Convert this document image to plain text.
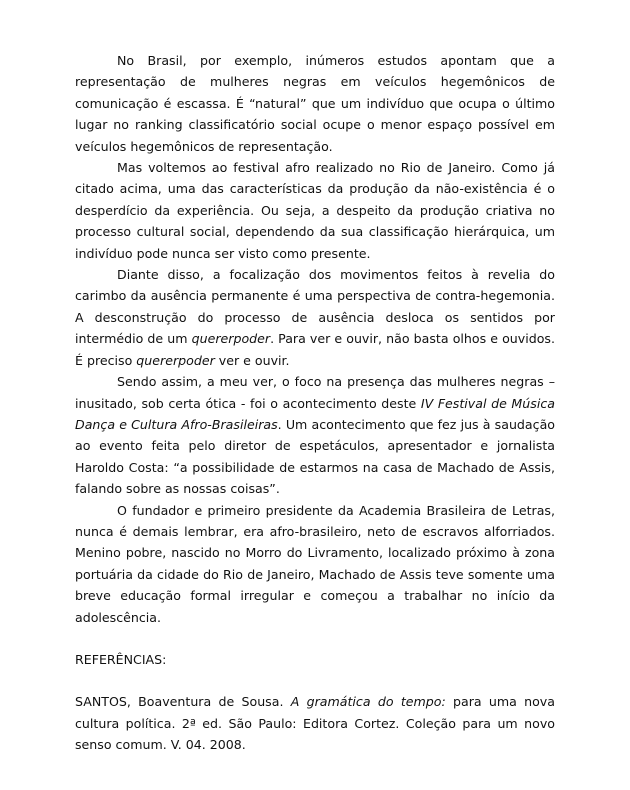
No Brasil, por exemplo, inúmeros estudos apontam que a representação de mulheres negras em veículos hegemônicos de comunicação é escassa. É “natural” que um indivíduo que ocupa o último lugar no ranking classificatório social ocupe o menor espaço possível em veículos hegemônicos de representação.

Mas voltemos ao festival afro realizado no Rio de Janeiro. Como já citado acima, uma das características da produção da não-existência é o desperdício da experiência. Ou seja, a despeito da produção criativa no processo cultural social, dependendo da sua classificação hierárquica, um indivíduo pode nunca ser visto como presente.

Diante disso, a focalização dos movimentos feitos à revelia do carimbo da ausência permanente é uma perspectiva de contra-hegemonia. A desconstrução do processo de ausência desloca os sentidos por intermédio de um quererpoder. Para ver e ouvir, não basta olhos e ouvidos. É preciso quererpoder ver e ouvir.

Sendo assim, a meu ver, o foco na presença das mulheres negras – inusitado, sob certa ótica - foi o acontecimento deste IV Festival de Música Dança e Cultura Afro-Brasileiras. Um acontecimento que fez jus à saudação ao evento feita pelo diretor de espetáculos, apresentador e jornalista Haroldo Costa: “a possibilidade de estarmos na casa de Machado de Assis, falando sobre as nossas coisas”.

O fundador e primeiro presidente da Academia Brasileira de Letras, nunca é demais lembrar, era afro-brasileiro, neto de escravos alforriados. Menino pobre, nascido no Morro do Livramento, localizado próximo à zona portuária da cidade do Rio de Janeiro, Machado de Assis teve somente uma breve educação formal irregular e começou a trabalhar no início da adolescência.

REFERÊNCIAS:

SANTOS, Boaventura de Sousa. A gramática do tempo: para uma nova cultura política. 2ª ed. São Paulo: Editora Cortez. Coleção para um novo senso comum. V. 04. 2008.
